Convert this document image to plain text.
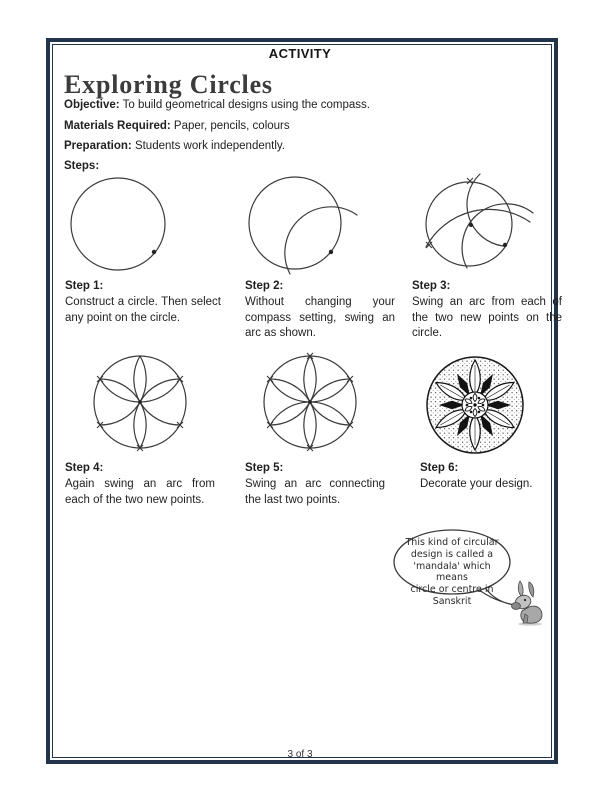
ACTIVITY
Exploring Circles
Objective: To build geometrical designs using the compass.
Materials Required: Paper, pencils, colours
Preparation: Students work independently.
Steps:

Step 1:

Construct a circle. Then select any point on the circle.

Step 2:

Without changing your compass setting, swing an arc as shown.

Step 3:

Swing an arc from each of the two new points on the circle.

Step 4:

Again swing an arc from each of the two new points.

Step 5:

Swing an arc connecting the last two points.

Step 6:

Decorate your design.

This kind of circular
design is called a
'mandala' which means
circle or centre in
Sanskrit
3 of 3
